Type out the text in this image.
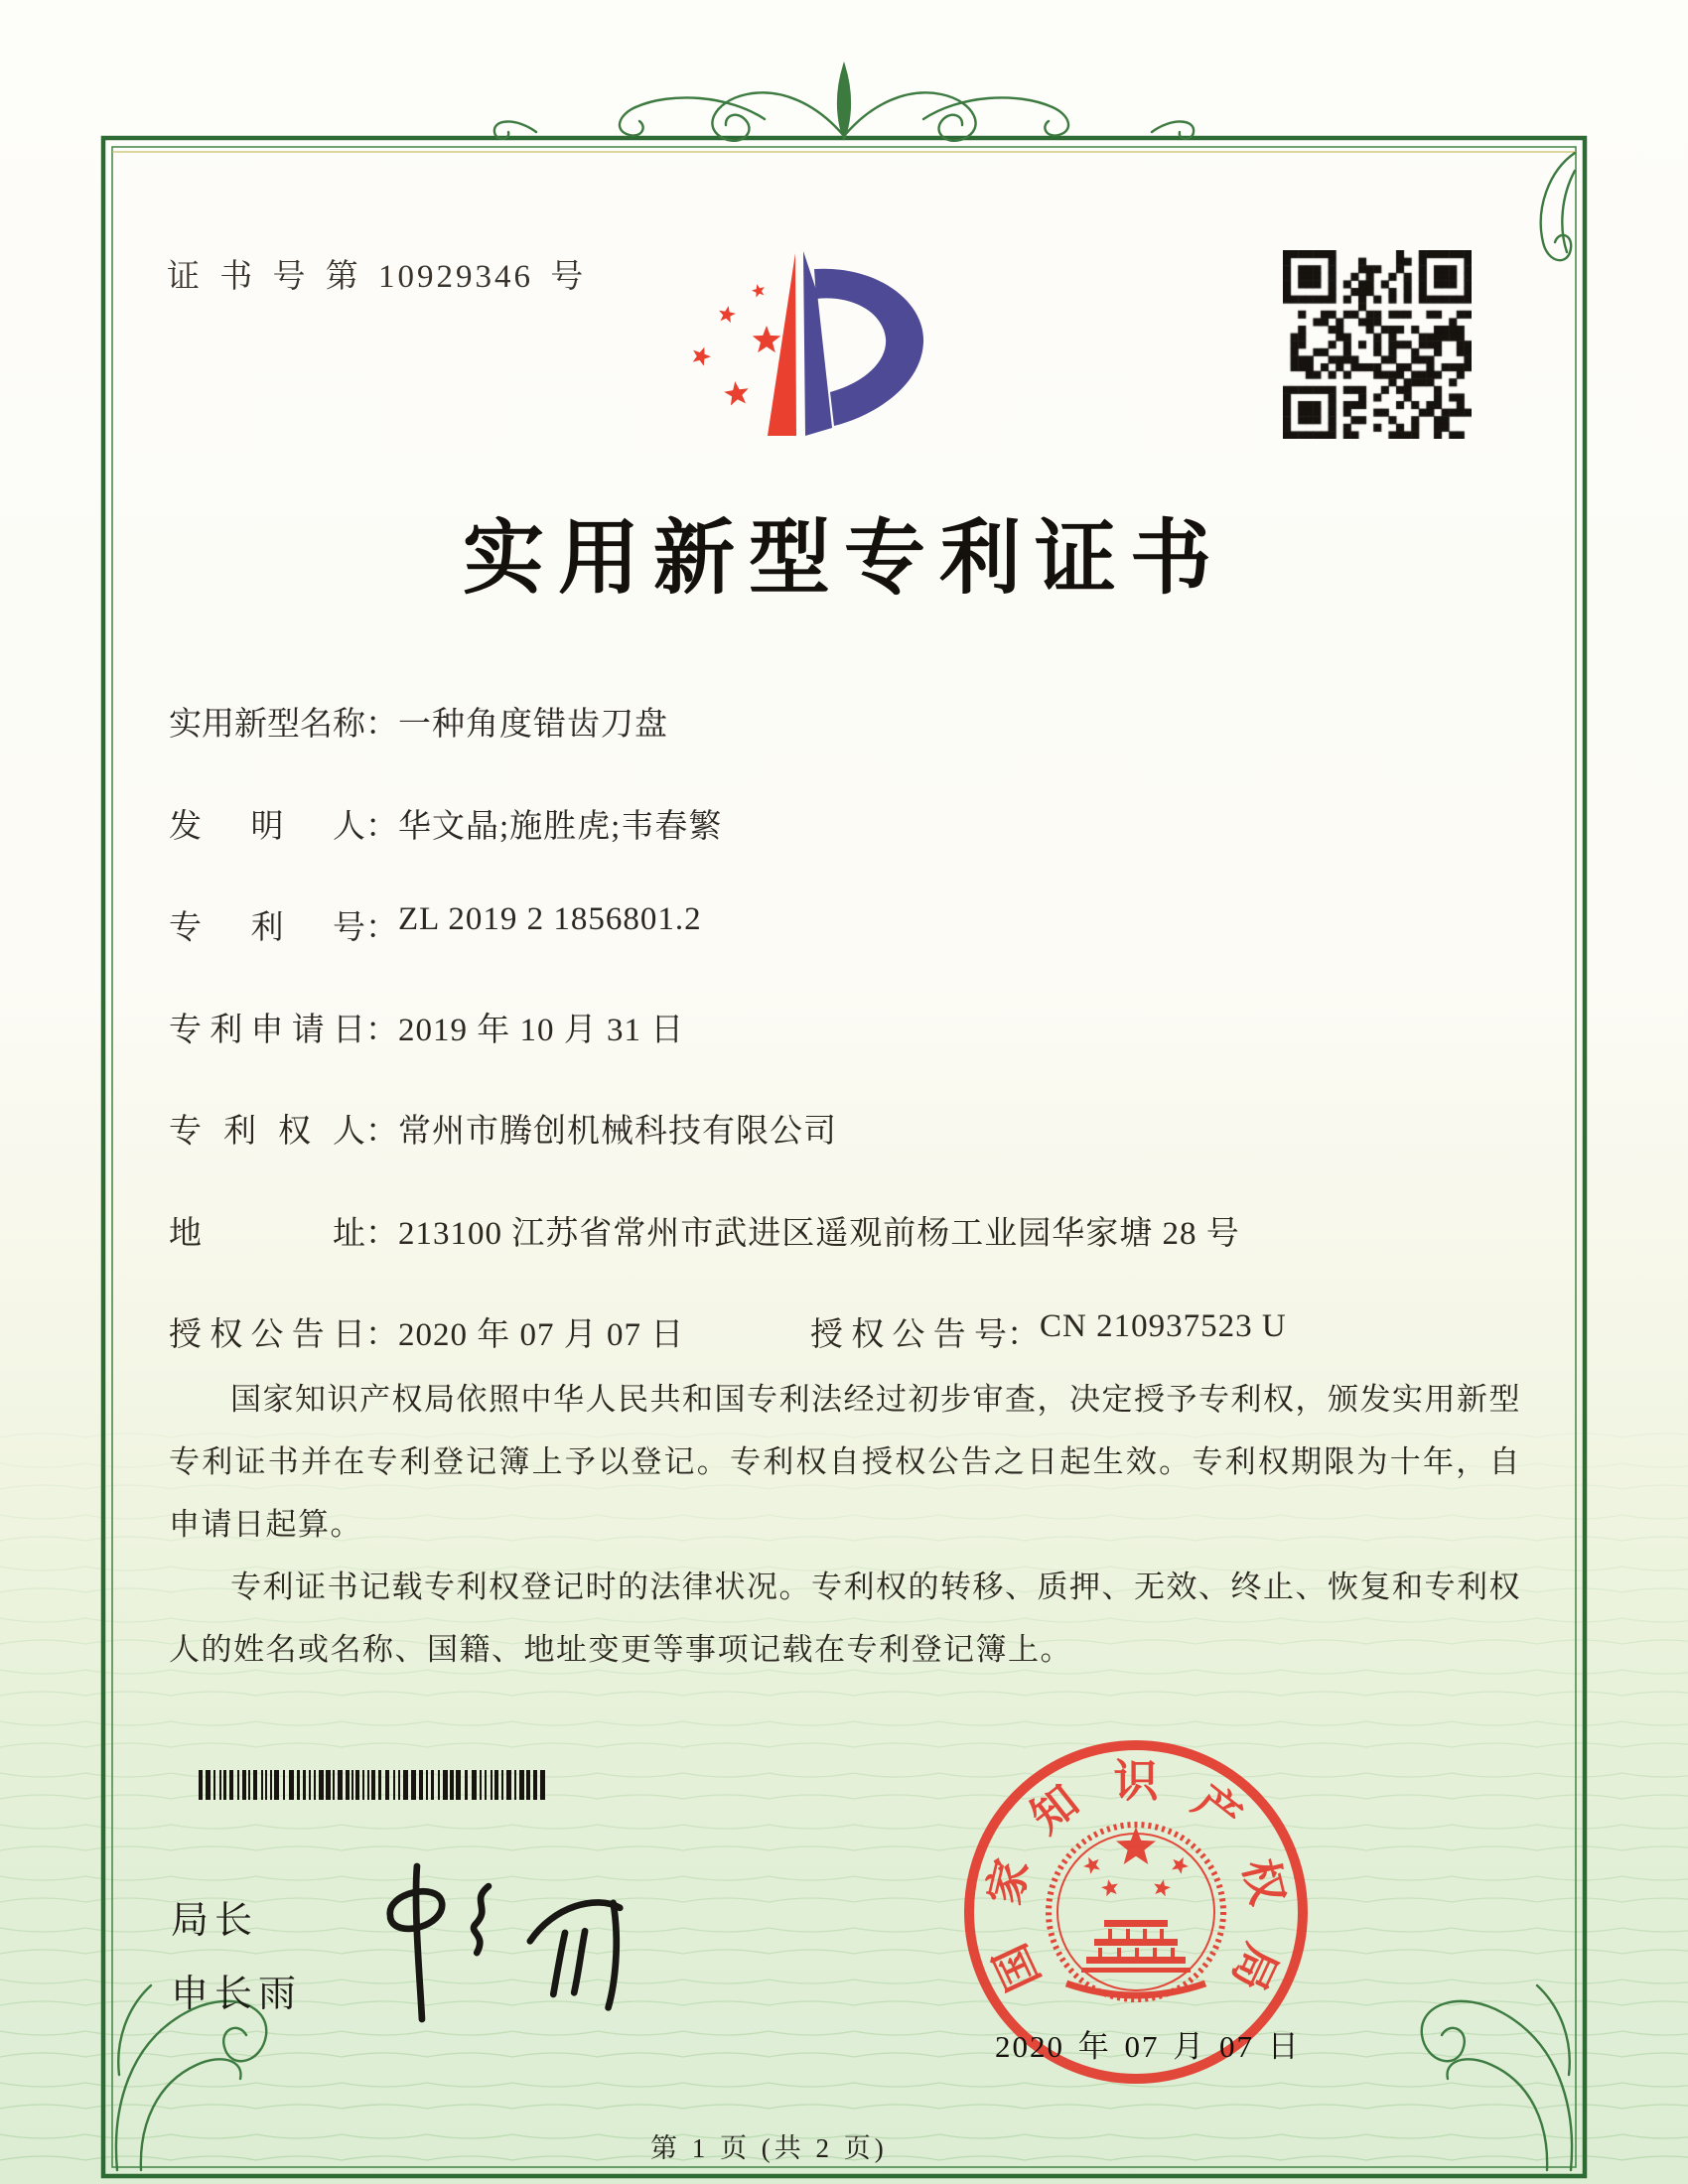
证 书 号 第 10929346 号
实用新型专利证书
实用新型名称：一种角度错齿刀盘
发明人：华文晶;施胜虎;韦春繁
专利号：ZL 2019 2 1856801.2
专利申请日：2019 年 10 月 31 日
专利权人：常州市腾创机械科技有限公司
地址：213100 江苏省常州市武进区遥观前杨工业园华家塘 28 号
授权公告日：2020 年 07 月 07 日	授权公告号：CN 210937523 U

国家知识产权局依照中华人民共和国专利法经过初步审查，决定授予专利权，颁发实用新型专利证书并在专利登记簿上予以登记。专利权自授权公告之日起生效。专利权期限为十年，自申请日起算。

专利证书记载专利权登记时的法律状况。专利权的转移、质押、无效、终止、恢复和专利权人的姓名或名称、国籍、地址变更等事项记载在专利登记簿上。

局长
申长雨	国
家
知 识 产
权
局
2020 年 07 月 07 日
第 1 页 (共 2 页)
